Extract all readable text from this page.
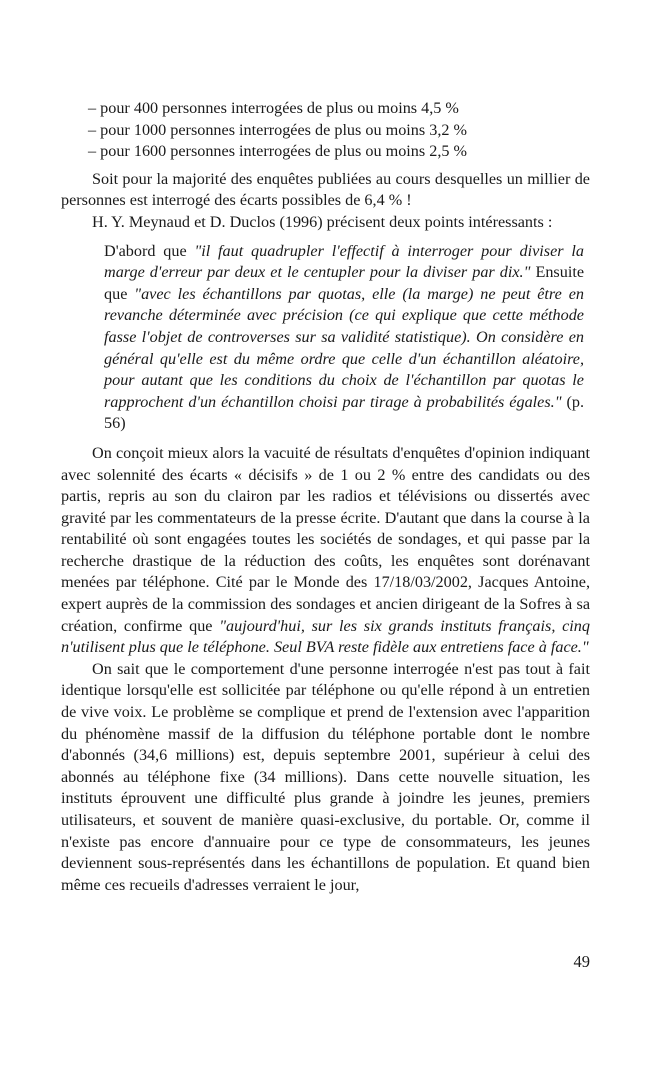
– pour 400 personnes interrogées de plus ou moins 4,5 %
– pour 1000 personnes interrogées de plus ou moins 3,2 %
– pour 1600 personnes interrogées de plus ou moins 2,5 %

Soit pour la majorité des enquêtes publiées au cours desquelles un millier de personnes est interrogé des écarts possibles de 6,4 % !

H. Y. Meynaud et D. Duclos (1996) précisent deux points intéressants :

D'abord que "il faut quadrupler l'effectif à interroger pour diviser la marge d'erreur par deux et le centupler pour la diviser par dix." Ensuite que "avec les échantillons par quotas, elle (la marge) ne peut être en revanche déterminée avec précision (ce qui explique que cette méthode fasse l'objet de controverses sur sa validité statistique). On considère en général qu'elle est du même ordre que celle d'un échantillon aléatoire, pour autant que les conditions du choix de l'échantillon par quotas le rapprochent d'un échantillon choisi par tirage à probabilités égales." (p. 56)

On conçoit mieux alors la vacuité de résultats d'enquêtes d'opinion indiquant avec solennité des écarts « décisifs » de 1 ou 2 % entre des candidats ou des partis, repris au son du clairon par les radios et télévisions ou dissertés avec gravité par les commentateurs de la presse écrite. D'autant que dans la course à la rentabilité où sont engagées toutes les sociétés de sondages, et qui passe par la recherche drastique de la réduction des coûts, les enquêtes sont dorénavant menées par téléphone. Cité par le Monde des 17/18/03/2002, Jacques Antoine, expert auprès de la commission des sondages et ancien dirigeant de la Sofres à sa création, confirme que "aujourd'hui, sur les six grands instituts français, cinq n'utilisent plus que le téléphone. Seul BVA reste fidèle aux entretiens face à face."

On sait que le comportement d'une personne interrogée n'est pas tout à fait identique lorsqu'elle est sollicitée par téléphone ou qu'elle répond à un entretien de vive voix. Le problème se complique et prend de l'extension avec l'apparition du phénomène massif de la diffusion du téléphone portable dont le nombre d'abonnés (34,6 millions) est, depuis septembre 2001, supérieur à celui des abonnés au téléphone fixe (34 millions). Dans cette nouvelle situation, les instituts éprouvent une difficulté plus grande à joindre les jeunes, premiers utilisateurs, et souvent de manière quasi-exclusive, du portable. Or, comme il n'existe pas encore d'annuaire pour ce type de consommateurs, les jeunes deviennent sous-représentés dans les échantillons de population. Et quand bien même ces recueils d'adresses verraient le jour,

49
